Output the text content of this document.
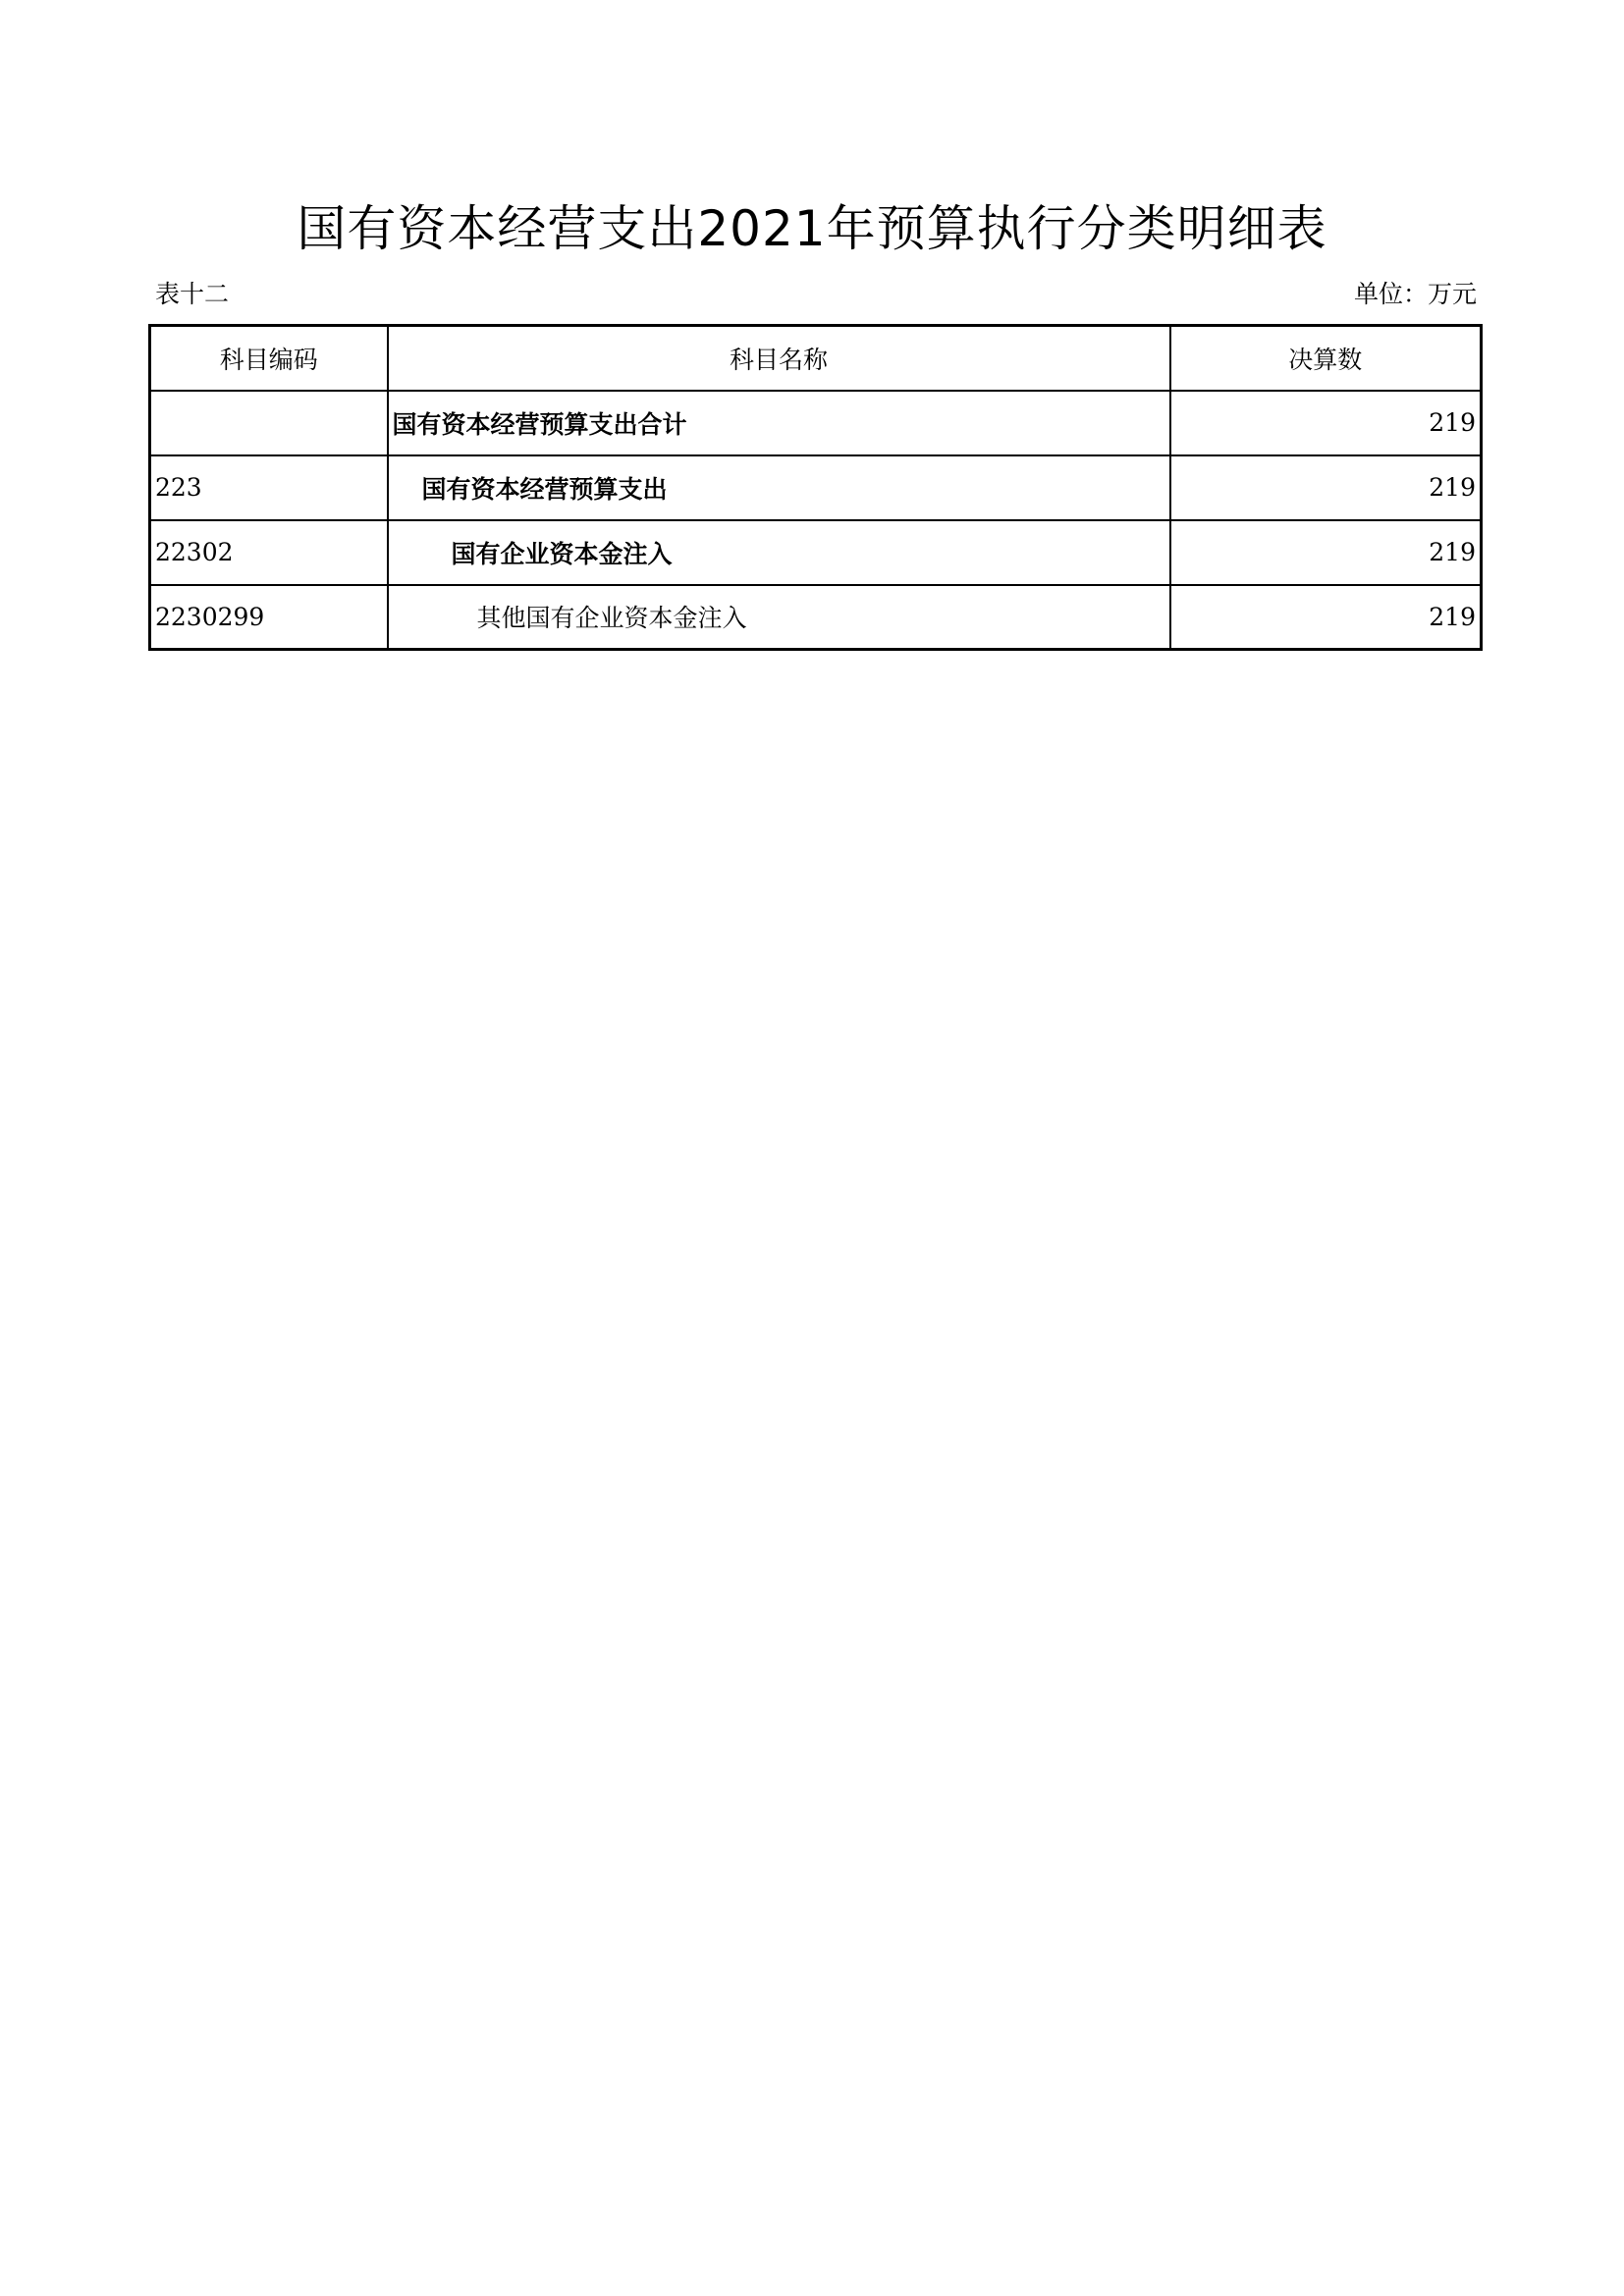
国有资本经营支出2021年预算执行分类明细表
表十二	单位：万元
科目编码	科目名称	决算数
	国有资本经营预算支出合计	219
223	国有资本经营预算支出	219
22302	国有企业资本金注入	219
2230299	其他国有企业资本金注入	219
